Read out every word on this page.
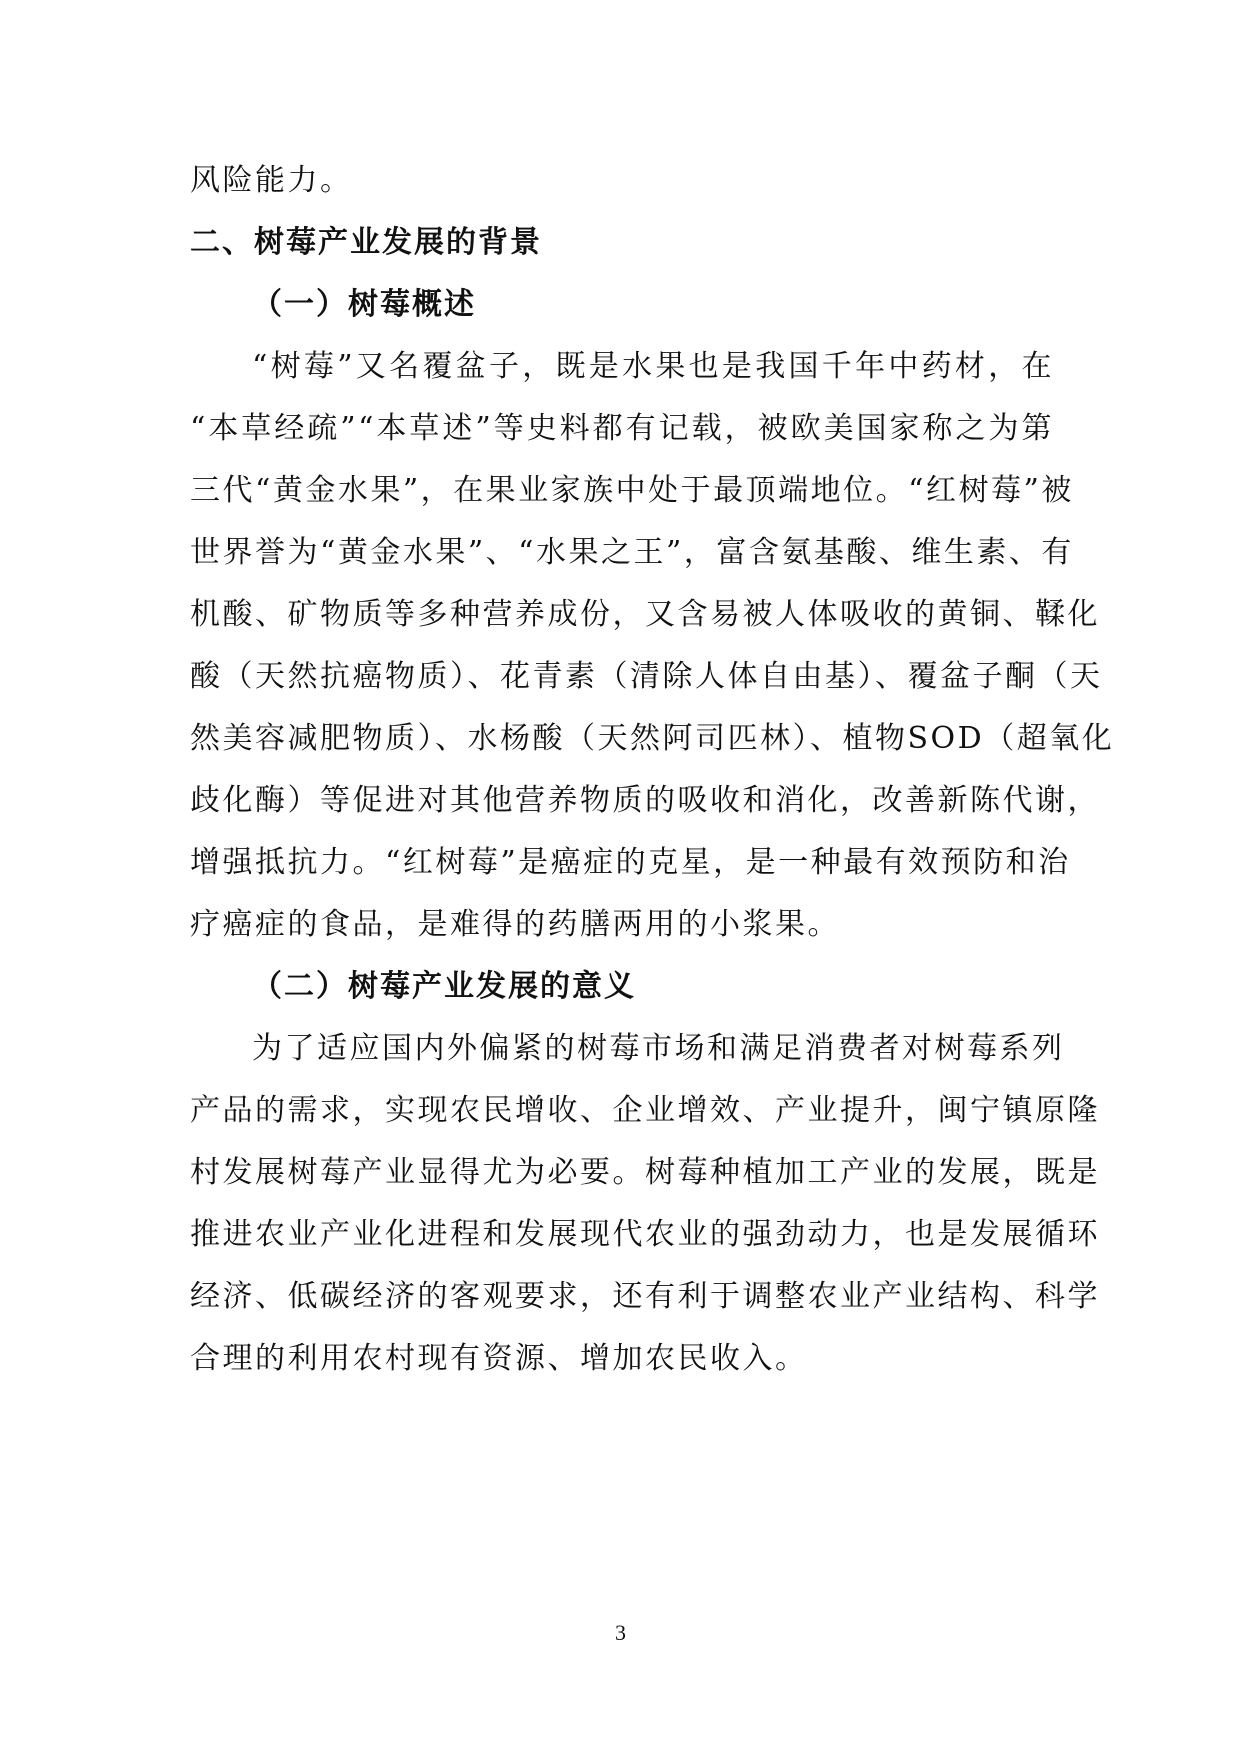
风险能力。
二、树莓产业发展的背景
（一）树莓概述
“树莓”又名覆盆子，既是水果也是我国千年中药材，在
“本草经疏”“本草述”等史料都有记载，被欧美国家称之为第
三代“黄金水果”，在果业家族中处于最顶端地位。“红树莓”被
世界誉为“黄金水果”、“水果之王”，富含氨基酸、维生素、有
机酸、矿物质等多种营养成份，又含易被人体吸收的黄铜、鞣化
酸（天然抗癌物质）、花青素（清除人体自由基）、覆盆子酮（天
然美容减肥物质）、水杨酸（天然阿司匹林）、植物SOD（超氧化
歧化酶）等促进对其他营养物质的吸收和消化，改善新陈代谢，
增强抵抗力。“红树莓”是癌症的克星，是一种最有效预防和治
疗癌症的食品，是难得的药膳两用的小浆果。
（二）树莓产业发展的意义
为了适应国内外偏紧的树莓市场和满足消费者对树莓系列
产品的需求，实现农民增收、企业增效、产业提升，闽宁镇原隆
村发展树莓产业显得尤为必要。树莓种植加工产业的发展，既是
推进农业产业化进程和发展现代农业的强劲动力，也是发展循环
经济、低碳经济的客观要求，还有利于调整农业产业结构、科学
合理的利用农村现有资源、增加农民收入。
3
